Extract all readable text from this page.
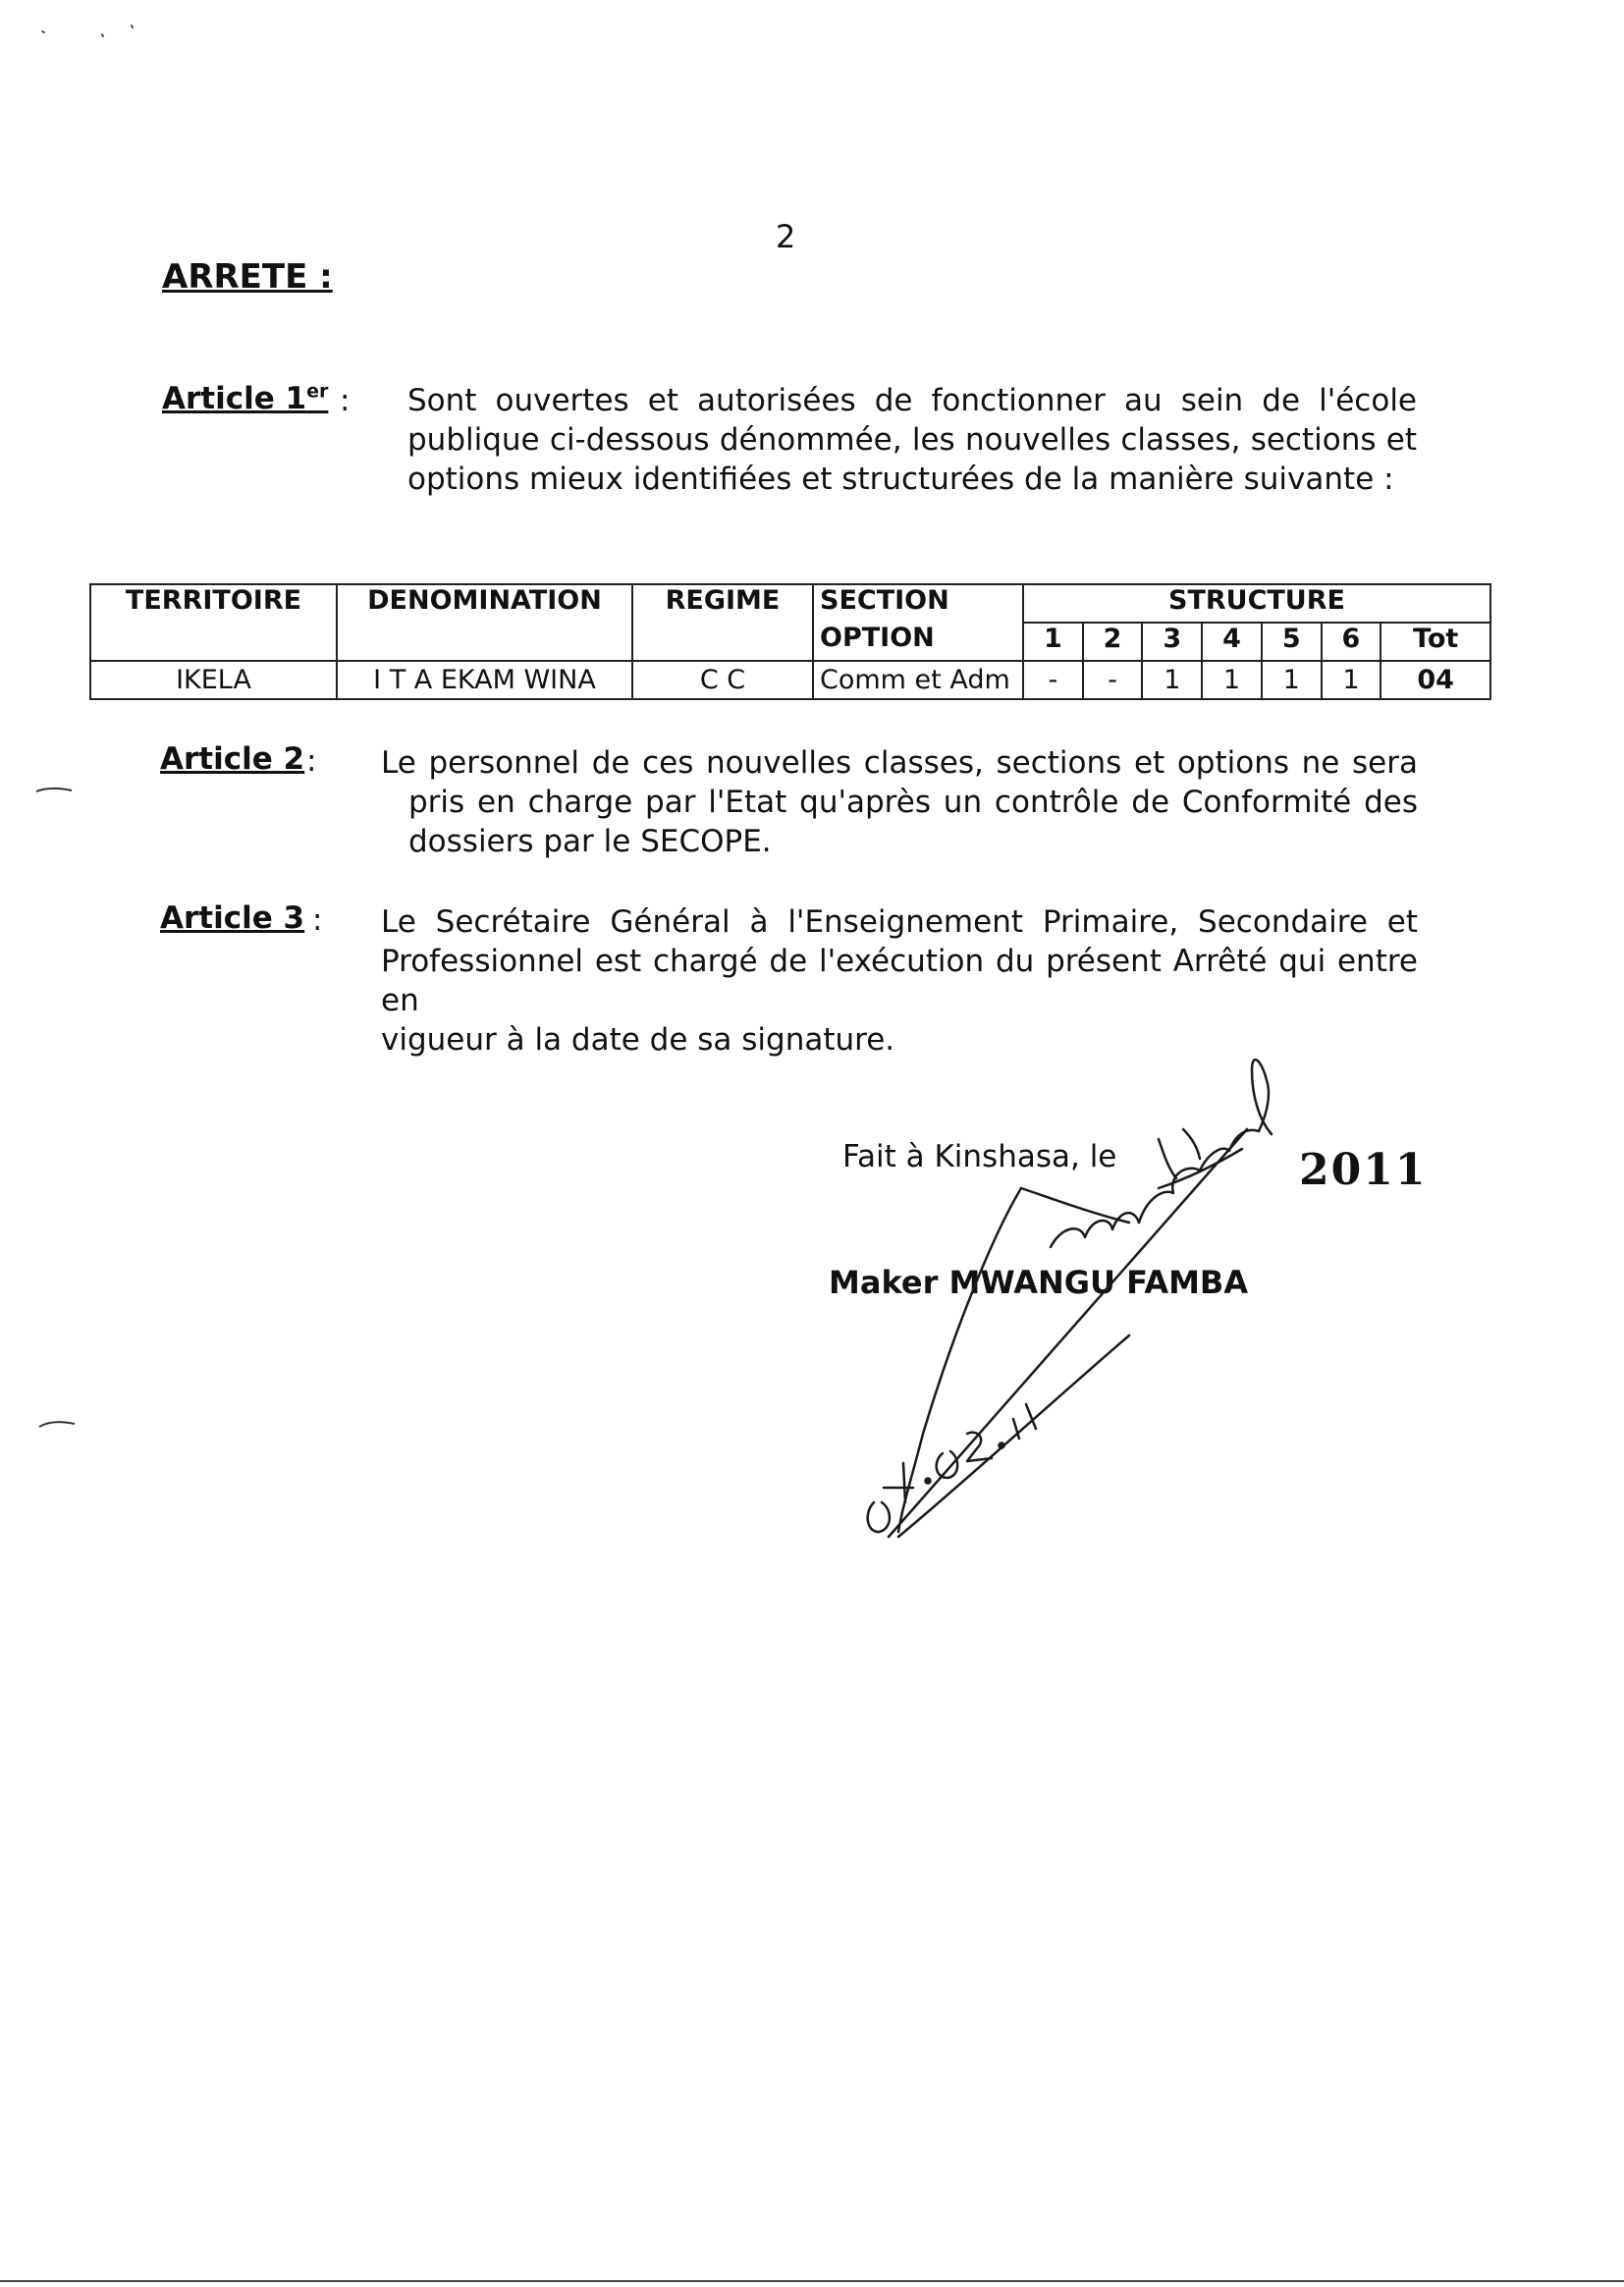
2
ARRETE :
Article 1er : Sont ouvertes et autorisées de fonctionner au sein de l'école
publique ci-dessous dénommée, les nouvelles classes, sections et
options mieux identifiées et structurées de la manière suivante :
TERRITOIRE	DENOMINATION	REGIME	SECTION	STRUCTURE						
			OPTION	1	2	3	4	5	6	Tot
IKELA	I T A EKAM WINA	C C	Comm et Adm	-	-	1	1	1	1	04
Article 2 : Le personnel de ces nouvelles classes, sections et options ne sera
pris en charge par l'Etat qu'après un contrôle de Conformité des
dossiers par le SECOPE.
Article 3 : Le Secrétaire Général à l'Enseignement Primaire, Secondaire et
Professionnel est chargé de l'exécution du présent Arrêté qui entre en
vigueur à la date de sa signature.
Fait à Kinshasa, le	2011
Maker MWANGU FAMBA
